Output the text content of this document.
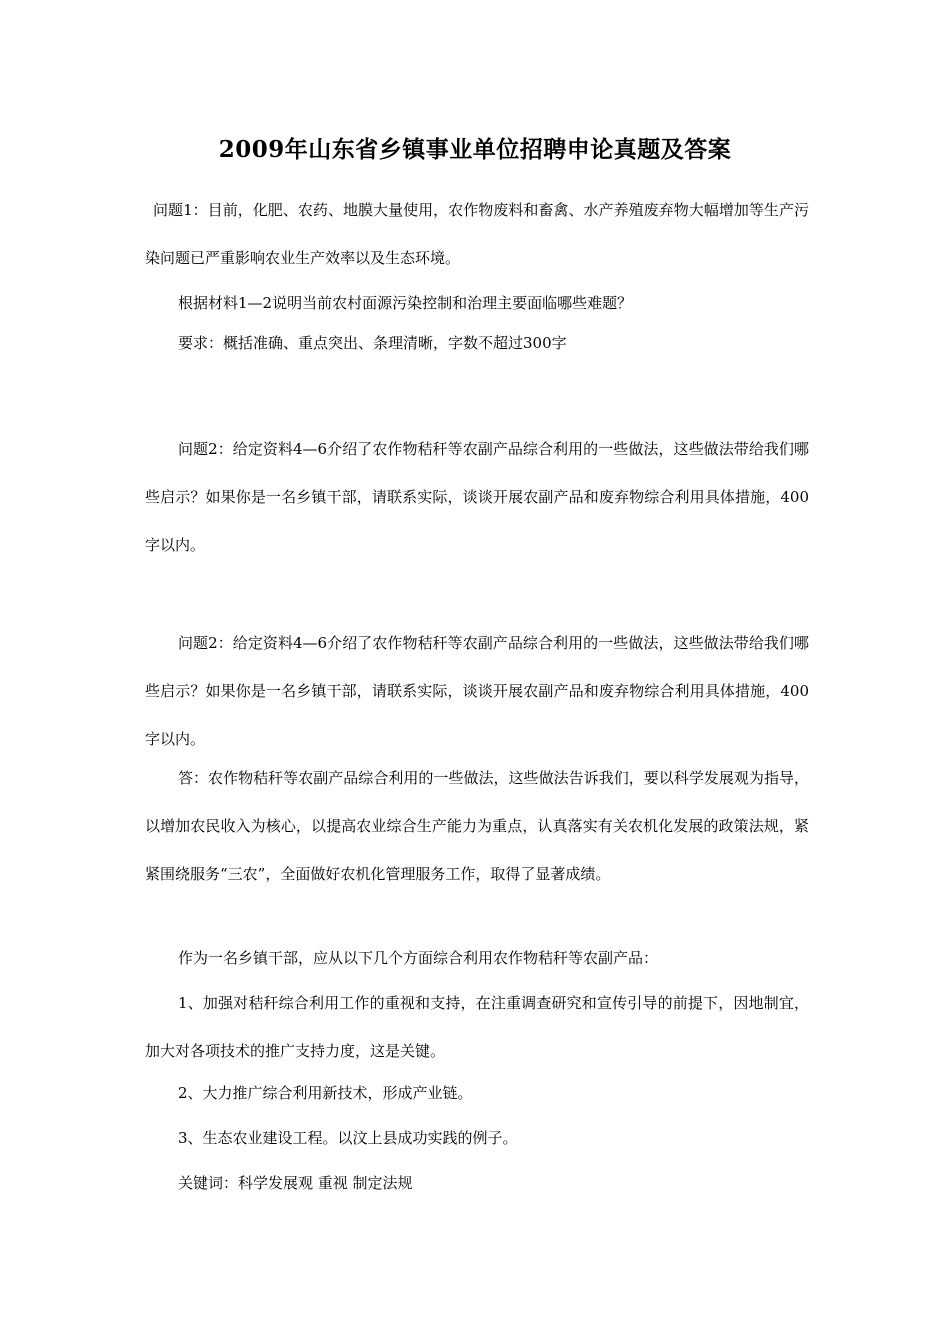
2009年山东省乡镇事业单位招聘申论真题及答案

问题1：目前，化肥、农药、地膜大量使用，农作物废料和畜禽、水产养殖废弃物大幅增加等生产污染问题已严重影响农业生产效率以及生态环境。

根据材料1—2说明当前农村面源污染控制和治理主要面临哪些难题？

要求：概括准确、重点突出、条理清晰，字数不超过300字

问题2：给定资料4—6介绍了农作物秸秆等农副产品综合利用的一些做法，这些做法带给我们哪些启示？如果你是一名乡镇干部，请联系实际，谈谈开展农副产品和废弃物综合利用具体措施，400字以内。

问题2：给定资料4—6介绍了农作物秸秆等农副产品综合利用的一些做法，这些做法带给我们哪些启示？如果你是一名乡镇干部，请联系实际，谈谈开展农副产品和废弃物综合利用具体措施，400字以内。

答：农作物秸秆等农副产品综合利用的一些做法，这些做法告诉我们，要以科学发展观为指导，以增加农民收入为核心，以提高农业综合生产能力为重点，认真落实有关农机化发展的政策法规，紧紧围绕服务“三农”，全面做好农机化管理服务工作，取得了显著成绩。

作为一名乡镇干部，应从以下几个方面综合利用农作物秸秆等农副产品：

1、加强对秸秆综合利用工作的重视和支持，在注重调查研究和宣传引导的前提下，因地制宜，加大对各项技术的推广支持力度，这是关键。

2、大力推广综合利用新技术，形成产业链。

3、生态农业建设工程。以汶上县成功实践的例子。

关键词：科学发展观 重视 制定法规
